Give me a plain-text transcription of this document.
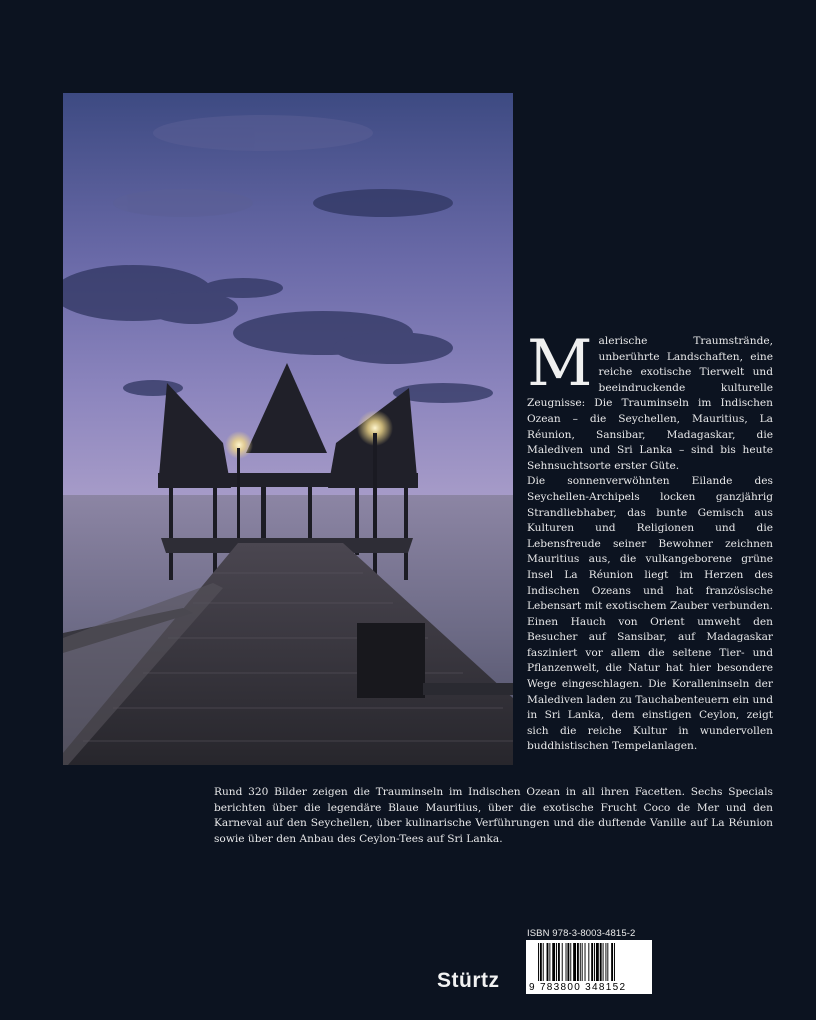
Malerische Traumstrände, unberührte Landschaften, eine reiche exotische Tierwelt und beeindruckende kulturelle Zeugnisse: Die Trauminseln im Indischen Ozean – die Seychellen, Mauritius, La Réunion, Sansibar, Madagaskar, die Malediven und Sri Lanka – sind bis heute Sehnsuchtsorte erster Güte.

Die sonnenverwöhnten Eilande des Seychellen-Archipels locken ganzjährig Strandliebhaber, das bunte Gemisch aus Kulturen und Religionen und die Lebensfreude seiner Bewohner zeichnen Mauritius aus, die vulkangeborene grüne Insel La Réunion liegt im Herzen des Indischen Ozeans und hat französische Lebensart mit exotischem Zauber verbunden. Einen Hauch von Orient umweht den Besucher auf Sansibar, auf Madagaskar fasziniert vor allem die seltene Tier- und Pflanzenwelt, die Natur hat hier besondere Wege eingeschlagen. Die Koralleninseln der Malediven laden zu Tauchabenteuern ein und in Sri Lanka, dem einstigen Ceylon, zeigt sich die reiche Kultur in wundervollen buddhistischen Tempelanlagen.

Rund 320 Bilder zeigen die Trauminseln im Indischen Ozean in all ihren Facetten. Sechs Specials berichten über die legendäre Blaue Mauritius, über die exotische Frucht Coco de Mer und den Karneval auf den Seychellen, über kulinarische Verführungen und die duftende Vanille auf La Réunion sowie über den Anbau des Ceylon-Tees auf Sri Lanka.

ISBN 978-3-8003-4815-2
9 783800 348152
Stürtz
